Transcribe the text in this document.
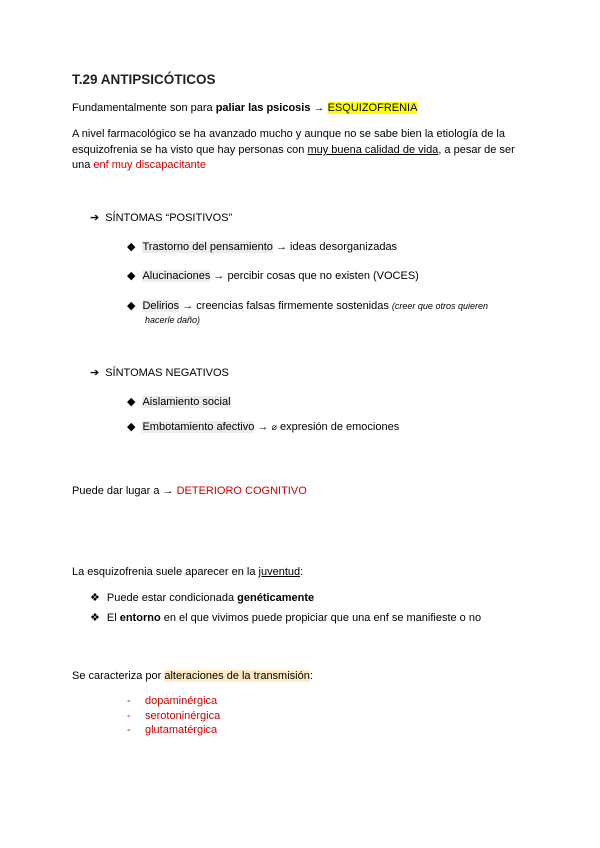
T.29 ANTIPSICÓTICOS
Fundamentalmente son para paliar las psicosis → ESQUIZOFRENIA
A nivel farmacológico se ha avanzado mucho y aunque no se sabe bien la etiología de la
esquizofrenia se ha visto que hay personas con muy buena calidad de vida, a pesar de ser
una enf muy discapacitante
➔ SÍNTOMAS “POSITIVOS”
◆ Trastorno del pensamiento → ideas desorganizadas
◆ Alucinaciones → percibir cosas que no existen (VOCES)
◆ Delirios → creencias falsas firmemente sostenidas (creer que otros quieren
hacerle daño)
➔ SÍNTOMAS NEGATIVOS
◆ Aislamiento social
◆ Embotamiento afectivo → ⌀ expresión de emociones
Puede dar lugar a → DETERIORO COGNITIVO
La esquizofrenia suele aparecer en la juventud:
❖ Puede estar condicionada genéticamente
❖ El entorno en el que vivimos puede propiciar que una enf se manifieste o no
Se caracteriza por alteraciones de la transmisión:
- dopaminérgica
- serotoninérgica
- glutamatérgica
